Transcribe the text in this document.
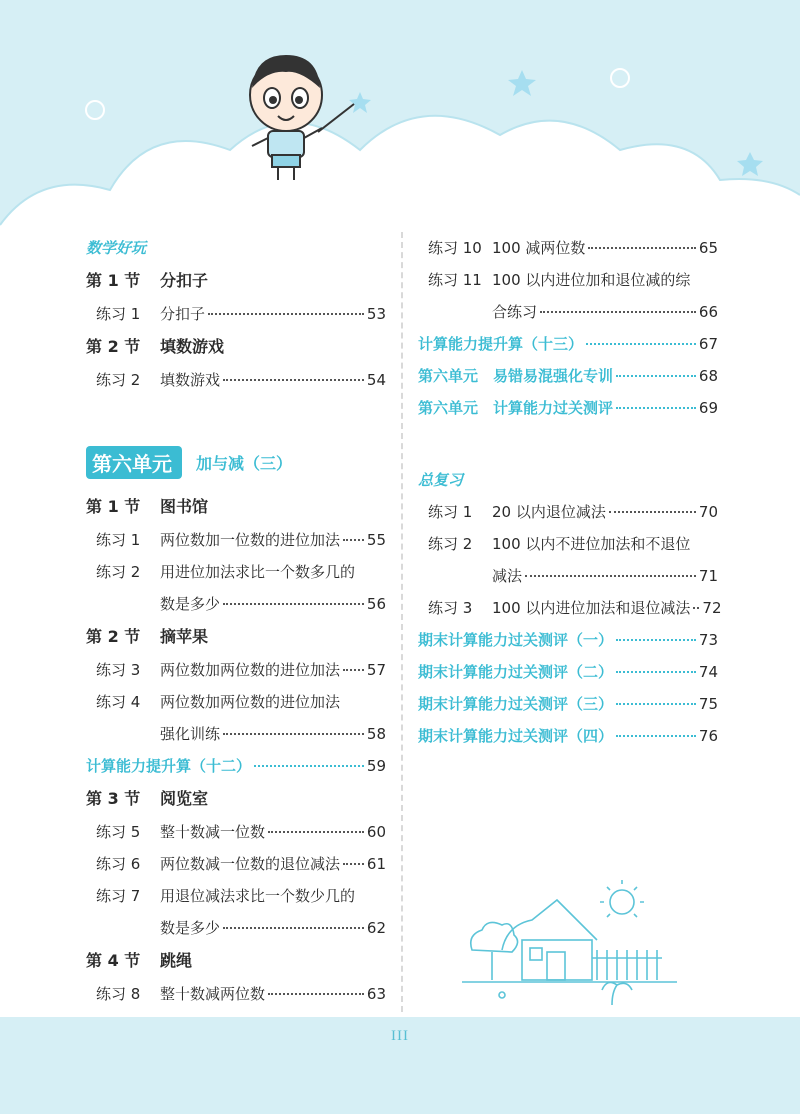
数学好玩
第 1 节 分扣子
练习 1	分扣子	53
第 2 节 填数游戏
练习 2	填数游戏	54
第六单元	加与减（三）
第 1 节 图书馆
练习 1	两位数加一位数的进位加法 55
练习 2	用进位加法求比一个数多几的
数是多少	56
第 2 节 摘苹果
练习 3	两位数加两位数的进位加法 57
练习 4	两位数加两位数的进位加法
强化训练	58
计算能力提升算（十二）	59
第 3 节 阅览室
练习 5	整十数减一位数	60
练习 6	两位数减一位数的退位减法 61
练习 7	用退位减法求比一个数少几的
数是多少	62
第 4 节 跳绳
练习 8	整十数减两位数	63
练习 10 100 减两位数	65
练习 11 100 以内进位加和退位减的综
合练习	66
计算能力提升算（十三）	67
第六单元　易错易混强化专训	68
第六单元　计算能力过关测评	69
总复习
练习 1	20 以内退位减法	70
练习 2	100 以内不进位加法和不退位
减法	71
练习 3	100 以内进位加法和退位减法 72
期末计算能力过关测评（一）	73
期末计算能力过关测评（二）	74
期末计算能力过关测评（三）	75
期末计算能力过关测评（四）	76
III
